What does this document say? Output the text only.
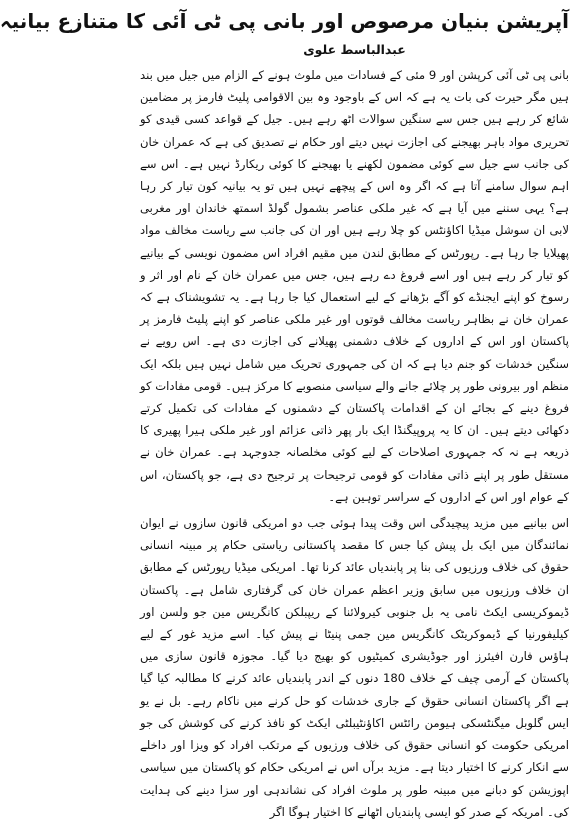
آپریشن بنیان مرصوص اور بانی پی ٹی آئی کا متنازع بیانیہ
عبدالباسط علوی

بانی پی ٹی آئی کرپشن اور 9 مئی کے فسادات میں ملوث ہونے کے الزام میں جیل میں بند ہیں مگر حیرت کی بات یہ ہے کہ اس کے باوجود وہ بین الاقوامی پلیٹ فارمز پر مضامین شائع کر رہے ہیں جس سے سنگین سوالات اٹھ رہے ہیں۔ جیل کے قواعد کسی قیدی کو تحریری مواد باہر بھیجنے کی اجازت نہیں دیتے اور حکام نے تصدیق کی ہے کہ عمران خان کی جانب سے جیل سے کوئی مضمون لکھنے یا بھیجنے کا کوئی ریکارڈ نہیں ہے۔ اس سے اہم سوال سامنے آتا ہے کہ اگر وہ اس کے پیچھے نہیں ہیں تو یہ بیانیہ کون تیار کر رہا ہے؟ یہی سننے میں آیا ہے کہ غیر ملکی عناصر بشمول گولڈ اسمتھ خاندان اور مغربی لابی ان سوشل میڈیا اکاؤنٹس کو چلا رہے ہیں اور ان کی جانب سے ریاست مخالف مواد پھیلایا جا رہا ہے۔ رپورٹس کے مطابق لندن میں مقیم افراد اس مضمون نویسی کے بیانیے کو تیار کر رہے ہیں اور اسے فروغ دے رہے ہیں، جس میں عمران خان کے نام اور اثر و رسوخ کو اپنے ایجنڈے کو آگے بڑھانے کے لیے استعمال کیا جا رہا ہے۔ یہ تشویشناک ہے کہ عمران خان نے بظاہر ریاست مخالف قوتوں اور غیر ملکی عناصر کو اپنے پلیٹ فارمز پر پاکستان اور اس کے اداروں کے خلاف دشمنی پھیلانے کی اجازت دی ہے۔ اس رویے نے سنگین خدشات کو جنم دیا ہے کہ ان کی جمہوری تحریک میں شامل نہیں ہیں بلکہ ایک منظم اور بیرونی طور پر چلائے جانے والے سیاسی منصوبے کا مرکز ہیں۔ قومی مفادات کو فروغ دینے کے بجائے ان کے اقدامات پاکستان کے دشمنوں کے مفادات کی تکمیل کرتے دکھائی دیتے ہیں۔ ان کا یہ پروپیگنڈا ایک بار پھر ذاتی عزائم اور غیر ملکی ہیرا پھیری کا ذریعہ ہے نہ کہ جمہوری اصلاحات کے لیے کوئی مخلصانہ جدوجہد ہے۔ عمران خان نے مستقل طور پر اپنے ذاتی مفادات کو قومی ترجیحات پر ترجیح دی ہے، جو پاکستان، اس کے عوام اور اس کے اداروں کے سراسر توہین ہے۔

اس بیانیے میں مزید پیچیدگی اس وقت پیدا ہوئی جب دو امریکی قانون سازوں نے ایوان نمائندگان میں ایک بل پیش کیا جس کا مقصد پاکستانی ریاستی حکام پر مبینہ انسانی حقوق کی خلاف ورزیوں کی بنا پر پابندیاں عائد کرنا تھا۔ امریکی میڈیا رپورٹس کے مطابق ان خلاف ورزیوں میں سابق وزیر اعظم عمران خان کی گرفتاری شامل ہے۔ پاکستان ڈیموکریسی ایکٹ نامی یہ بل جنوبی کیرولائنا کے ریپبلکن کانگریس مین جو ولسن اور کیلیفورنیا کے ڈیموکریٹک کانگریس مین جمی پنیٹا نے پیش کیا۔ اسے مزید غور کے لیے ہاؤس فارن افیئرز اور جوڈیشری کمیٹیوں کو بھیج دیا گیا۔ مجوزہ قانون سازی میں پاکستان کے آرمی چیف کے خلاف 180 دنوں کے اندر پابندیاں عائد کرنے کا مطالبہ کیا گیا ہے اگر پاکستان انسانی حقوق کے جاری خدشات کو حل کرنے میں ناکام رہے۔ بل نے یو ایس گلوبل میگنٹسکی ہیومن رائٹس اکاؤنٹیبلٹی ایکٹ کو نافذ کرنے کی کوشش کی جو امریکی حکومت کو انسانی حقوق کی خلاف ورزیوں کے مرتکب افراد کو ویزا اور داخلے سے انکار کرنے کا اختیار دیتا ہے۔ مزید برآں اس نے امریکی حکام کو پاکستان میں سیاسی اپوزیشن کو دبانے میں مبینہ طور پر ملوث افراد کی نشاندہی اور سزا دینے کی ہدایت کی۔ امریکہ کے صدر کو ایسی پابندیاں اٹھانے کا اختیار ہوگا اگر
